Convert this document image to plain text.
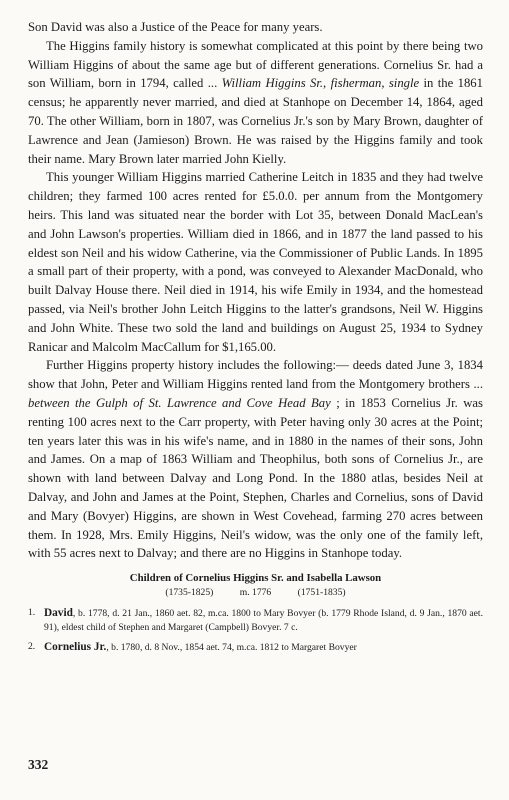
Son David was also a Justice of the Peace for many years.

The Higgins family history is somewhat complicated at this point by there being two William Higgins of about the same age but of different generations. Cornelius Sr. had a son William, born in 1794, called ... William Higgins Sr., fisherman, single in the 1861 census; he apparently never married, and died at Stanhope on December 14, 1864, aged 70. The other William, born in 1807, was Cornelius Jr.'s son by Mary Brown, daughter of Lawrence and Jean (Jamieson) Brown. He was raised by the Higgins family and took their name. Mary Brown later married John Kielly.

This younger William Higgins married Catherine Leitch in 1835 and they had twelve children; they farmed 100 acres rented for £5.0.0. per annum from the Montgomery heirs. This land was situated near the border with Lot 35, between Donald MacLean's and John Lawson's properties. William died in 1866, and in 1877 the land passed to his eldest son Neil and his widow Catherine, via the Commissioner of Public Lands. In 1895 a small part of their property, with a pond, was conveyed to Alexander MacDonald, who built Dalvay House there. Neil died in 1914, his wife Emily in 1934, and the homestead passed, via Neil's brother John Leitch Higgins to the latter's grandsons, Neil W. Higgins and John White. These two sold the land and buildings on August 25, 1934 to Sydney Ranicar and Malcolm MacCallum for $1,165.00.

Further Higgins property history includes the following:— deeds dated June 3, 1834 show that John, Peter and William Higgins rented land from the Montgomery brothers ... between the Gulph of St. Lawrence and Cove Head Bay ; in 1853 Cornelius Jr. was renting 100 acres next to the Carr property, with Peter having only 30 acres at the Point; ten years later this was in his wife's name, and in 1880 in the names of their sons, John and James. On a map of 1863 William and Theophilus, both sons of Cornelius Jr., are shown with land between Dalvay and Long Pond. In the 1880 atlas, besides Neil at Dalvay, and John and James at the Point, Stephen, Charles and Cornelius, sons of David and Mary (Bovyer) Higgins, are shown in West Covehead, farming 270 acres between them. In 1928, Mrs. Emily Higgins, Neil's widow, was the only one of the family left, with 55 acres next to Dalvay; and there are no Higgins in Stanhope today.

Children of Cornelius Higgins Sr. and Isabella Lawson
(1735-1825)	m. 1776	(1751-1835)
1. David, b. 1778, d. 21 Jan., 1860 aet. 82, m.ca. 1800 to Mary Bovyer (b. 1779 Rhode Island, d. 9 Jan., 1870 aet. 91), eldest child of Stephen and Margaret (Campbell) Bovyer. 7 c.
2. Cornelius Jr., b. 1780, d. 8 Nov., 1854 aet. 74, m.ca. 1812 to Margaret Bovyer
332
